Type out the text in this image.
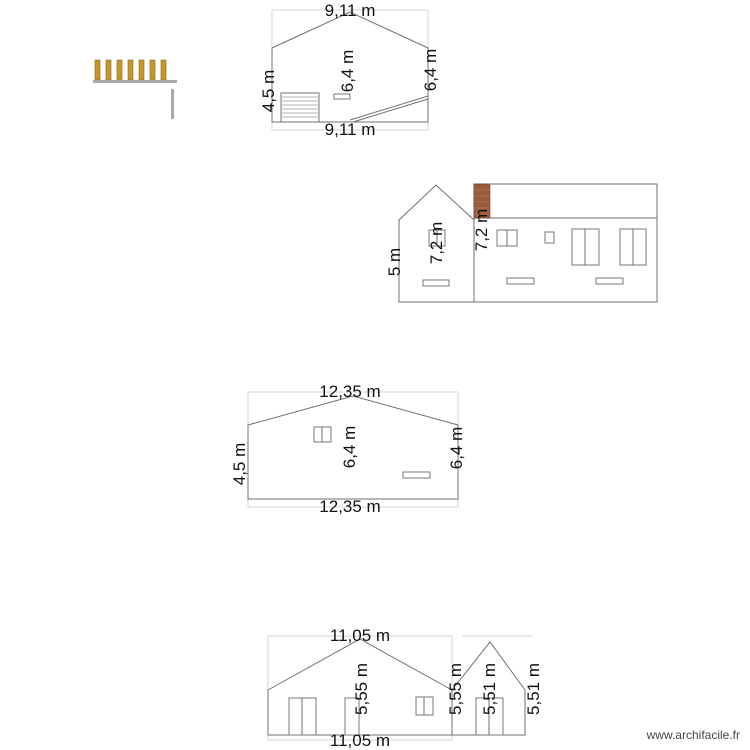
9,11 m
9,11 m
4,5 m	6,4 m	6,4 m
5 m 7,2 m 7,2 m
12,35 m
12,35 m
4,5 m	6,4 m	6,4 m
11,05 m
11,05 m
5,55 m	5,55 m 5,51 m 5,51 m
www.archifacile.fr
